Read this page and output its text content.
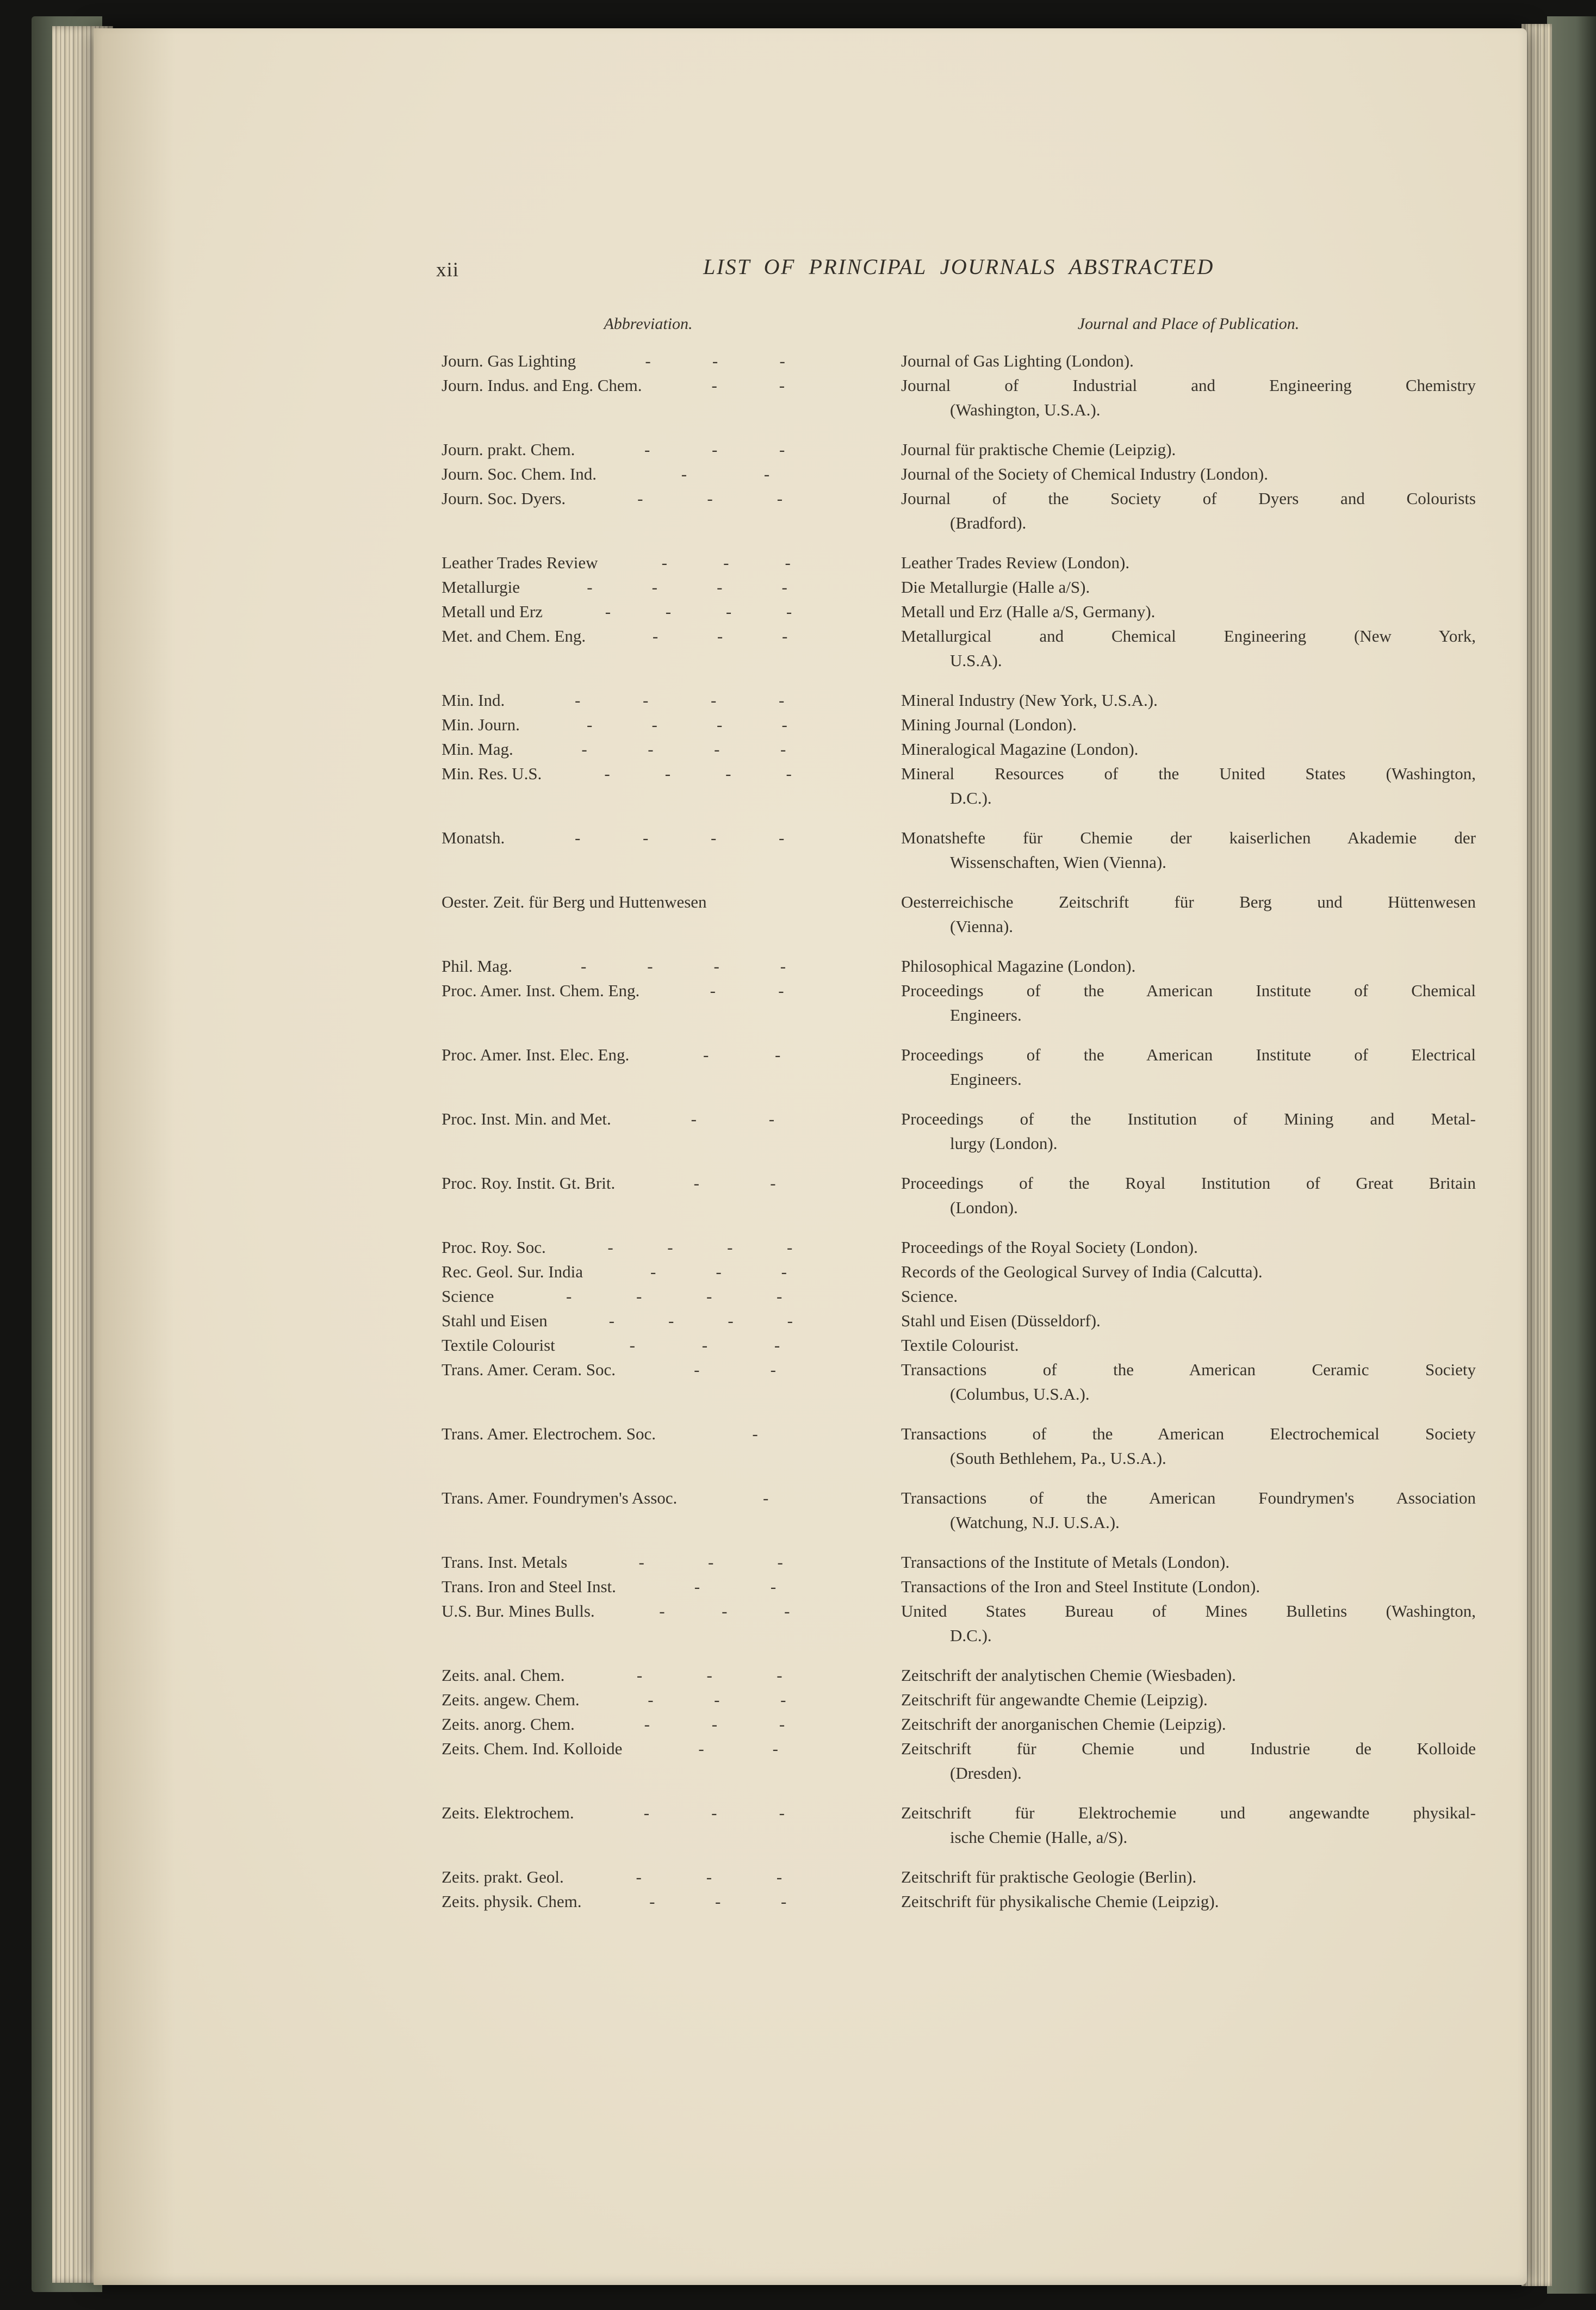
xii	LIST OF PRINCIPAL JOURNALS ABSTRACTED
Abbreviation.	Journal and Place of Publication.
Journ. Gas Lighting	-	-	-	Journal of Gas Lighting (London).
Journ. Indus. and Eng. Chem.	-	-	Journal of Industrial and Engineering Chemistry
(Washington, U.S.A.).
Journ. prakt. Chem.	-	-	-	Journal für praktische Chemie (Leipzig).
Journ. Soc. Chem. Ind.	-	-	Journal of the Society of Chemical Industry (London).
Journ. Soc. Dyers.	-	-	-	Journal of the Society of Dyers and Colourists
(Bradford).
Leather Trades Review	-	-	-	Leather Trades Review (London).
Metallurgie	-	-	-	-	Die Metallurgie (Halle a/S).
Metall und Erz	-	-	-	-	Metall und Erz (Halle a/S, Germany).
Met. and Chem. Eng.	-	-	-	Metallurgical and Chemical Engineering (New York,
U.S.A).
Min. Ind.	-	-	-	-	Mineral Industry (New York, U.S.A.).
Min. Journ.	-	-	-	-	Mining Journal (London).
Min. Mag.	-	-	-	-	Mineralogical Magazine (London).
Min. Res. U.S.	-	-	-	-	Mineral Resources of the United States (Washington,
D.C.).
Monatsh.	-	-	-	-	Monatshefte für Chemie der kaiserlichen Akademie der
Wissenschaften, Wien (Vienna).
Oester. Zeit. für Berg und Huttenwesen	Oesterreichische Zeitschrift für Berg und Hüttenwesen
(Vienna).
Phil. Mag.	-	-	-	-	Philosophical Magazine (London).
Proc. Amer. Inst. Chem. Eng.	-	-	Proceedings of the American Institute of Chemical
Engineers.
Proc. Amer. Inst. Elec. Eng.	-	-	Proceedings of the American Institute of Electrical
Engineers.
Proc. Inst. Min. and Met.	-	-	Proceedings of the Institution of Mining and Metal-
lurgy (London).
Proc. Roy. Instit. Gt. Brit.	-	-	Proceedings of the Royal Institution of Great Britain
(London).
Proc. Roy. Soc.	-	-	-	-	Proceedings of the Royal Society (London).
Rec. Geol. Sur. India	-	-	-	Records of the Geological Survey of India (Calcutta).
Science	-	-	-	-	Science.
Stahl und Eisen	-	-	-	-	Stahl und Eisen (Düsseldorf).
Textile Colourist	-	-	-	Textile Colourist.
Trans. Amer. Ceram. Soc.	-	-	Transactions of the American Ceramic Society
(Columbus, U.S.A.).
Trans. Amer. Electrochem. Soc.	-	Transactions of the American Electrochemical Society
(South Bethlehem, Pa., U.S.A.).
Trans. Amer. Foundrymen's Assoc.	-	Transactions of the American Foundrymen's Association
(Watchung, N.J. U.S.A.).
Trans. Inst. Metals	-	-	-	Transactions of the Institute of Metals (London).
Trans. Iron and Steel Inst.	-	-	Transactions of the Iron and Steel Institute (London).
U.S. Bur. Mines Bulls.	-	-	-	United States Bureau of Mines Bulletins (Washington,
D.C.).
Zeits. anal. Chem.	-	-	-	Zeitschrift der analytischen Chemie (Wiesbaden).
Zeits. angew. Chem.	-	-	-	Zeitschrift für angewandte Chemie (Leipzig).
Zeits. anorg. Chem.	-	-	-	Zeitschrift der anorganischen Chemie (Leipzig).
Zeits. Chem. Ind. Kolloide	-	-	Zeitschrift für Chemie und Industrie de Kolloide
(Dresden).
Zeits. Elektrochem.	-	-	-	Zeitschrift für Elektrochemie und angewandte physikal-
ische Chemie (Halle, a/S).
Zeits. prakt. Geol.	-	-	-	Zeitschrift für praktische Geologie (Berlin).
Zeits. physik. Chem.	-	-	-	Zeitschrift für physikalische Chemie (Leipzig).
